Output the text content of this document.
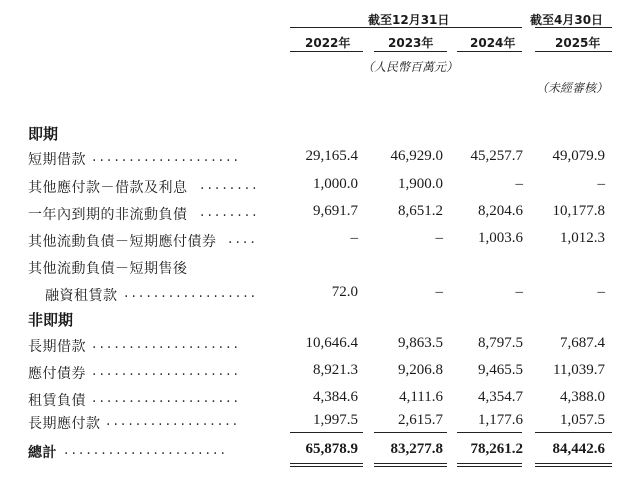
截至12月31日	截至4月30日
2022年	2023年	2024年	2025年
（人民幣百萬元）
（未經審核）
即期
短期借款 ....................	29,165.4 46,929.0 45,257.7 49,079.9
其他應付款－借款及利息 ........	1,000.0	1,900.0	–	–
一年內到期的非流動負債 ........	9,691.7	8,651.2 8,204.6 10,177.8
其他流動負債－短期應付債券 ....	–	– 1,003.6 1,012.3
其他流動負債－短期售後
融資租賃款 ..................	72.0	–	–	–
非即期
長期借款 ....................	10,646.4	9,863.5 8,797.5 7,687.4
應付債券 ....................	8,921.3	9,206.8 9,465.5 11,039.7
租賃負債 ....................	4,384.6	4,111.6 4,354.7 4,388.0
長期應付款 ..................	1,997.5	2,615.7 1,177.6 1,057.5
總計 ......................	65,878.9 83,277.8 78,261.2 84,442.6
